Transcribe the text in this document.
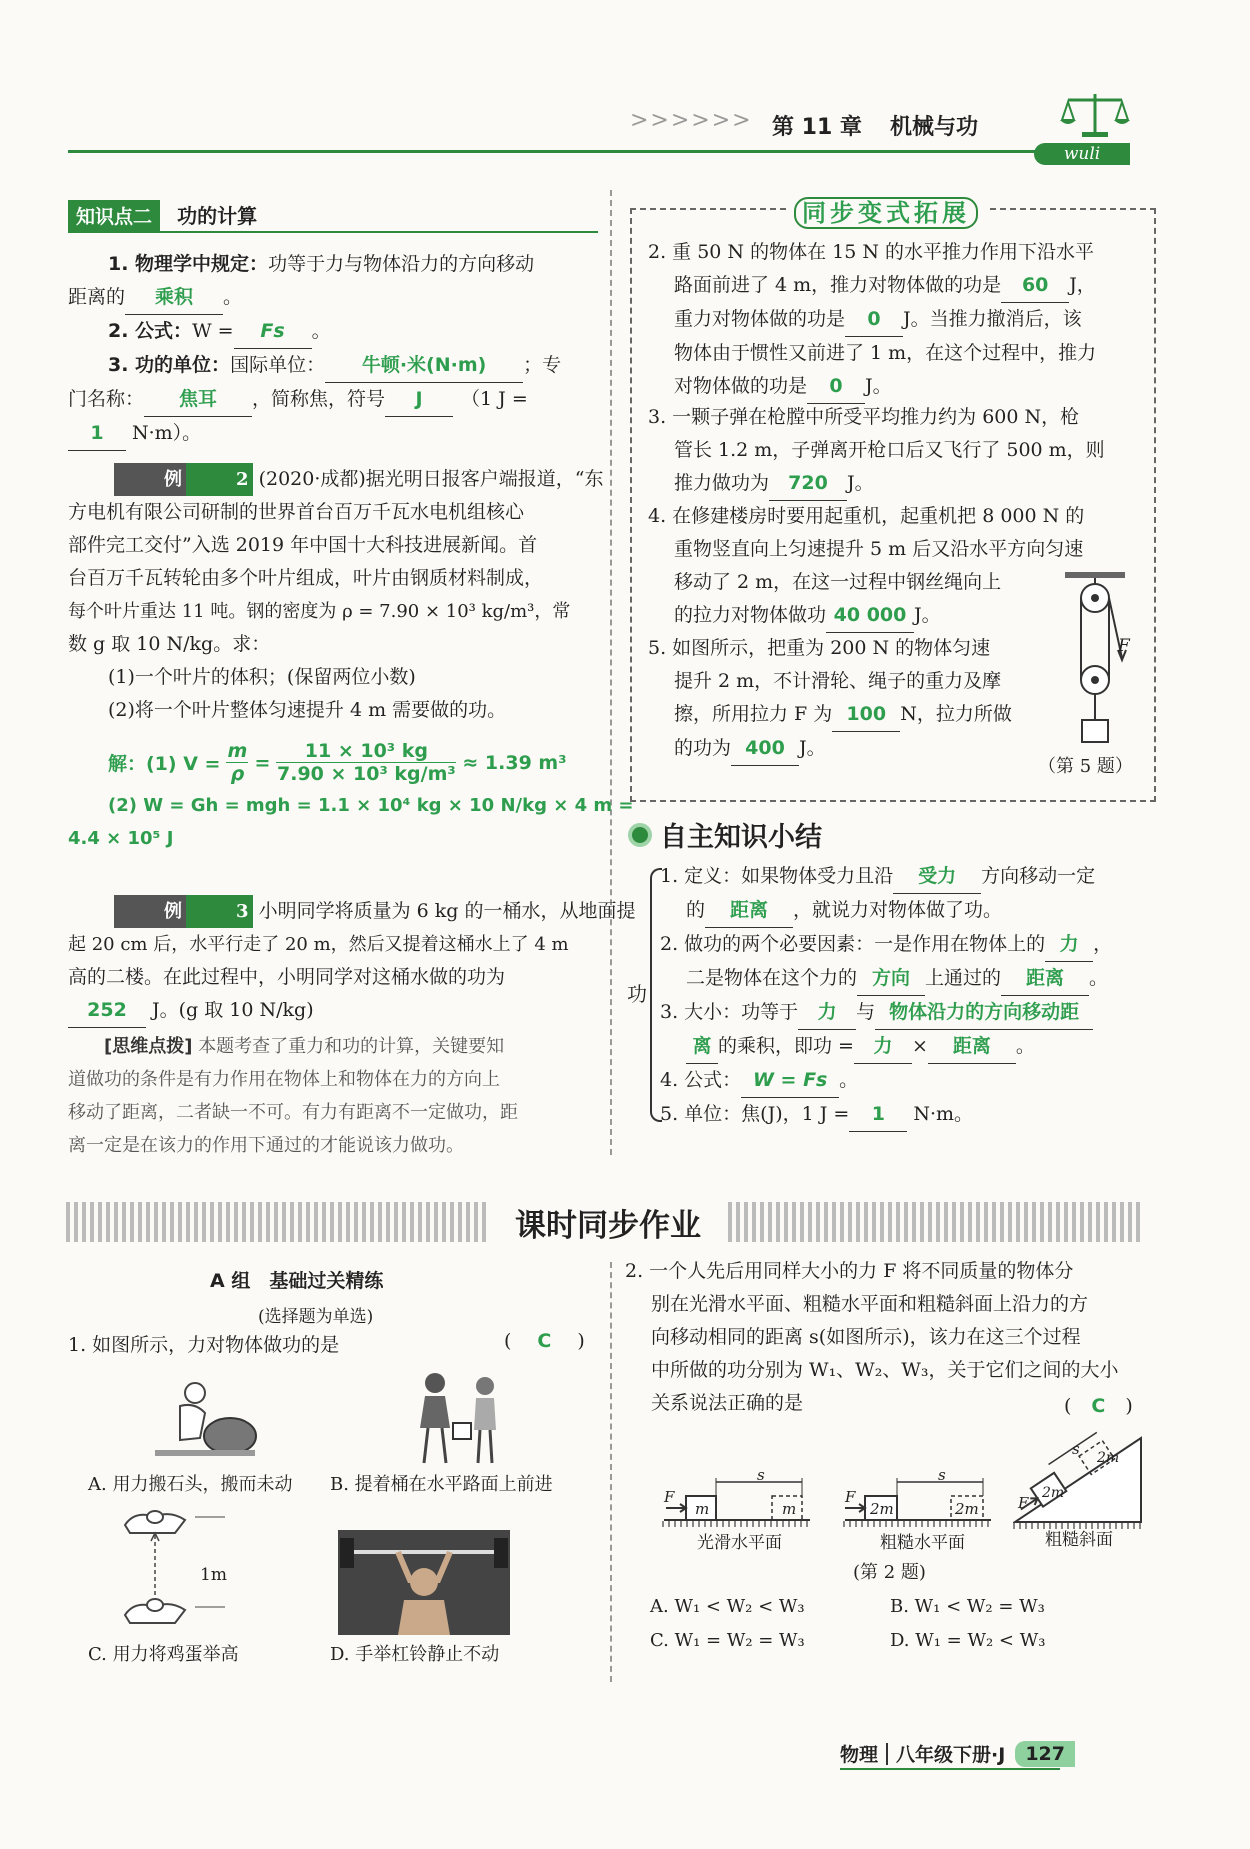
>>>>>> 第 11 章 机械与功
wuli
知识点二 功的计算
1. 物理学中规定：功等于力与物体沿力的方向移动
距离的 乘积 。
2. 公式：W = Fs 。
3. 功的单位：国际单位： 牛顿·米(N·m) ；专
门名称： 焦耳 ，简称焦，符号 J （1 J =
1 N·m）。
例	2 (2020·成都)据光明日报客户端报道，“东
方电机有限公司研制的世界首台百万千瓦水电机组核心
部件完工交付”入选 2019 年中国十大科技进展新闻。首
台百万千瓦转轮由多个叶片组成，叶片由钢质材料制成，
每个叶片重达 11 吨。钢的密度为 ρ = 7.90 × 10³ kg/m³，常
数 g 取 10 N/kg。求：
(1)一个叶片的体积；(保留两位小数)
(2)将一个叶片整体匀速提升 4 m 需要做的功。
解：(1) V =
m
ρ
=
11 × 10³ kg
7.90 × 10³ kg/m³
≈ 1.39 m³
(2) W = Gh = mgh = 1.1 × 10⁴ kg × 10 N/kg × 4 m =
4.4 × 10⁵ J
例	3 小明同学将质量为 6 kg 的一桶水，从地面提
起 20 cm 后，水平行走了 20 m，然后又提着这桶水上了 4 m
高的二楼。在此过程中，小明同学对这桶水做的功为
252 J。(g 取 10 N/kg)
[思维点拨] 本题考查了重力和功的计算，关键要知
道做功的条件是有力作用在物体上和物体在力的方向上
移动了距离，二者缺一不可。有力有距离不一定做功，距
离一定是在该力的作用下通过的才能说该力做功。
同步变式拓展
2. 重 50 N 的物体在 15 N 的水平推力作用下沿水平
路面前进了 4 m，推力对物体做的功是 60 J，
重力对物体做的功是 0 J。当推力撤消后，该
物体由于惯性又前进了 1 m，在这个过程中，推力
对物体做的功是 0 J。
3. 一颗子弹在枪膛中所受平均推力约为 600 N，枪
管长 1.2 m，子弹离开枪口后又飞行了 500 m，则
推力做功为 720 J。
4. 在修建楼房时要用起重机，起重机把 8 000 N 的
重物竖直向上匀速提升 5 m 后又沿水平方向匀速
移动了 2 m，在这一过程中钢丝绳向上
的拉力对物体做功 40 000 J。
5. 如图所示，把重为 200 N 的物体匀速
提升 2 m，不计滑轮、绳子的重力及摩
擦，所用拉力 F 为 100 N，拉力所做
的功为 400 J。
F
（第 5 题）
自主知识小结
功
1. 定义：如果物体受力且沿 受力 方向移动一定
的 距离 ，就说力对物体做了功。
2. 做功的两个必要因素：一是作用在物体上的 力 ，
二是物体在这个力的 方向 上通过的 距离 。
3. 大小：功等于 力 与 物体沿力的方向移动距
离 的乘积，即功 = 力 × 距离 。
4. 公式： W = Fs 。
5. 单位：焦(J)，1 J = 1 N·m。
课时同步作业
A 组　基础过关精练
(选择题为单选)
1. 如图所示，力对物体做功的是	( C )
A. 用力搬石头，搬而未动 B. 提着桶在水平路面上前进
1m
C. 用力将鸡蛋举高	D. 手举杠铃静止不动
2. 一个人先后用同样大小的力 F 将不同质量的物体分
别在光滑水平面、粗糙水平面和粗糙斜面上沿力的方
向移动相同的距离 s(如图所示)，该力在这三个过程
中所做的功分别为 W₁、W₂、W₃，关于它们之间的大小
关系说法正确的是	( C )
F
s
m	m
光滑水平面
F
s
2m	2m
粗糙水平面
F
s
2m
2m
粗糙斜面
(第 2 题)
A. W₁ < W₂ < W₃	B. W₁ < W₂ = W₃
C. W₁ = W₂ = W₃	D. W₁ = W₂ < W₃
物理 八年级下册·J	127
